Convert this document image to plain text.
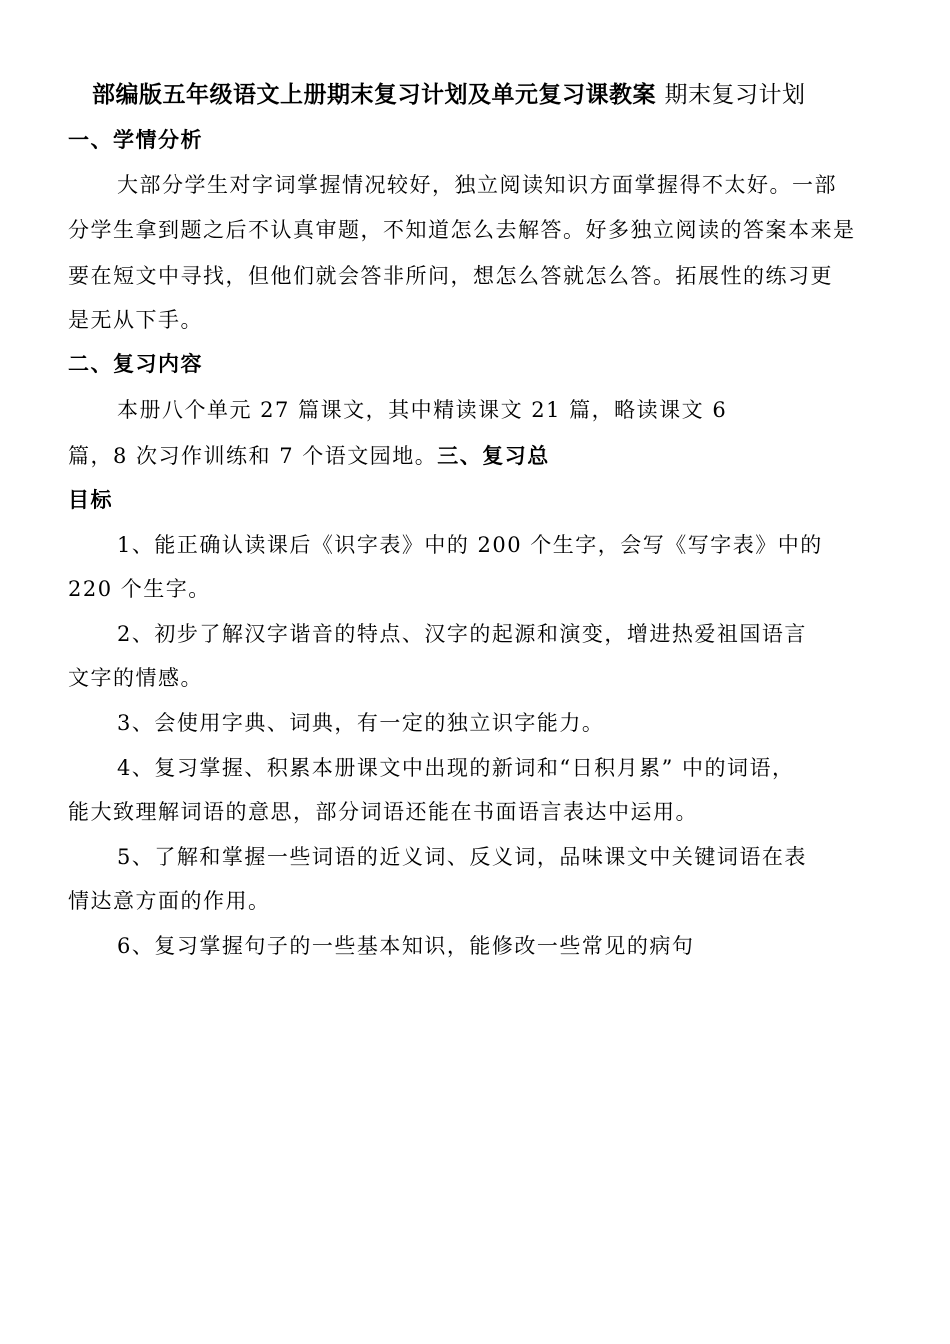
部编版五年级语文上册期末复习计划及单元复习课教案 期末复习计划
一、学情分析
大部分学生对字词掌握情况较好，独立阅读知识方面掌握得不太好。一部
分学生拿到题之后不认真审题，不知道怎么去解答。好多独立阅读的答案本来是
要在短文中寻找，但他们就会答非所问，想怎么答就怎么答。拓展性的练习更
是无从下手。
二、复习内容
本册八个单元 27 篇课文，其中精读课文 21 篇，略读课文 6
篇，8 次习作训练和 7 个语文园地。三、复习总
目标
1、能正确认读课后《识字表》中的 200 个生字，会写《写字表》中的
220 个生字。
2、初步了解汉字谐音的特点、汉字的起源和演变，增进热爱祖国语言
文字的情感。
3、会使用字典、词典，有一定的独立识字能力。
4、复习掌握、积累本册课文中出现的新词和“日积月累” 中的词语，
能大致理解词语的意思，部分词语还能在书面语言表达中运用。
5、了解和掌握一些词语的近义词、反义词，品味课文中关键词语在表
情达意方面的作用。
6、复习掌握句子的一些基本知识，能修改一些常见的病句
